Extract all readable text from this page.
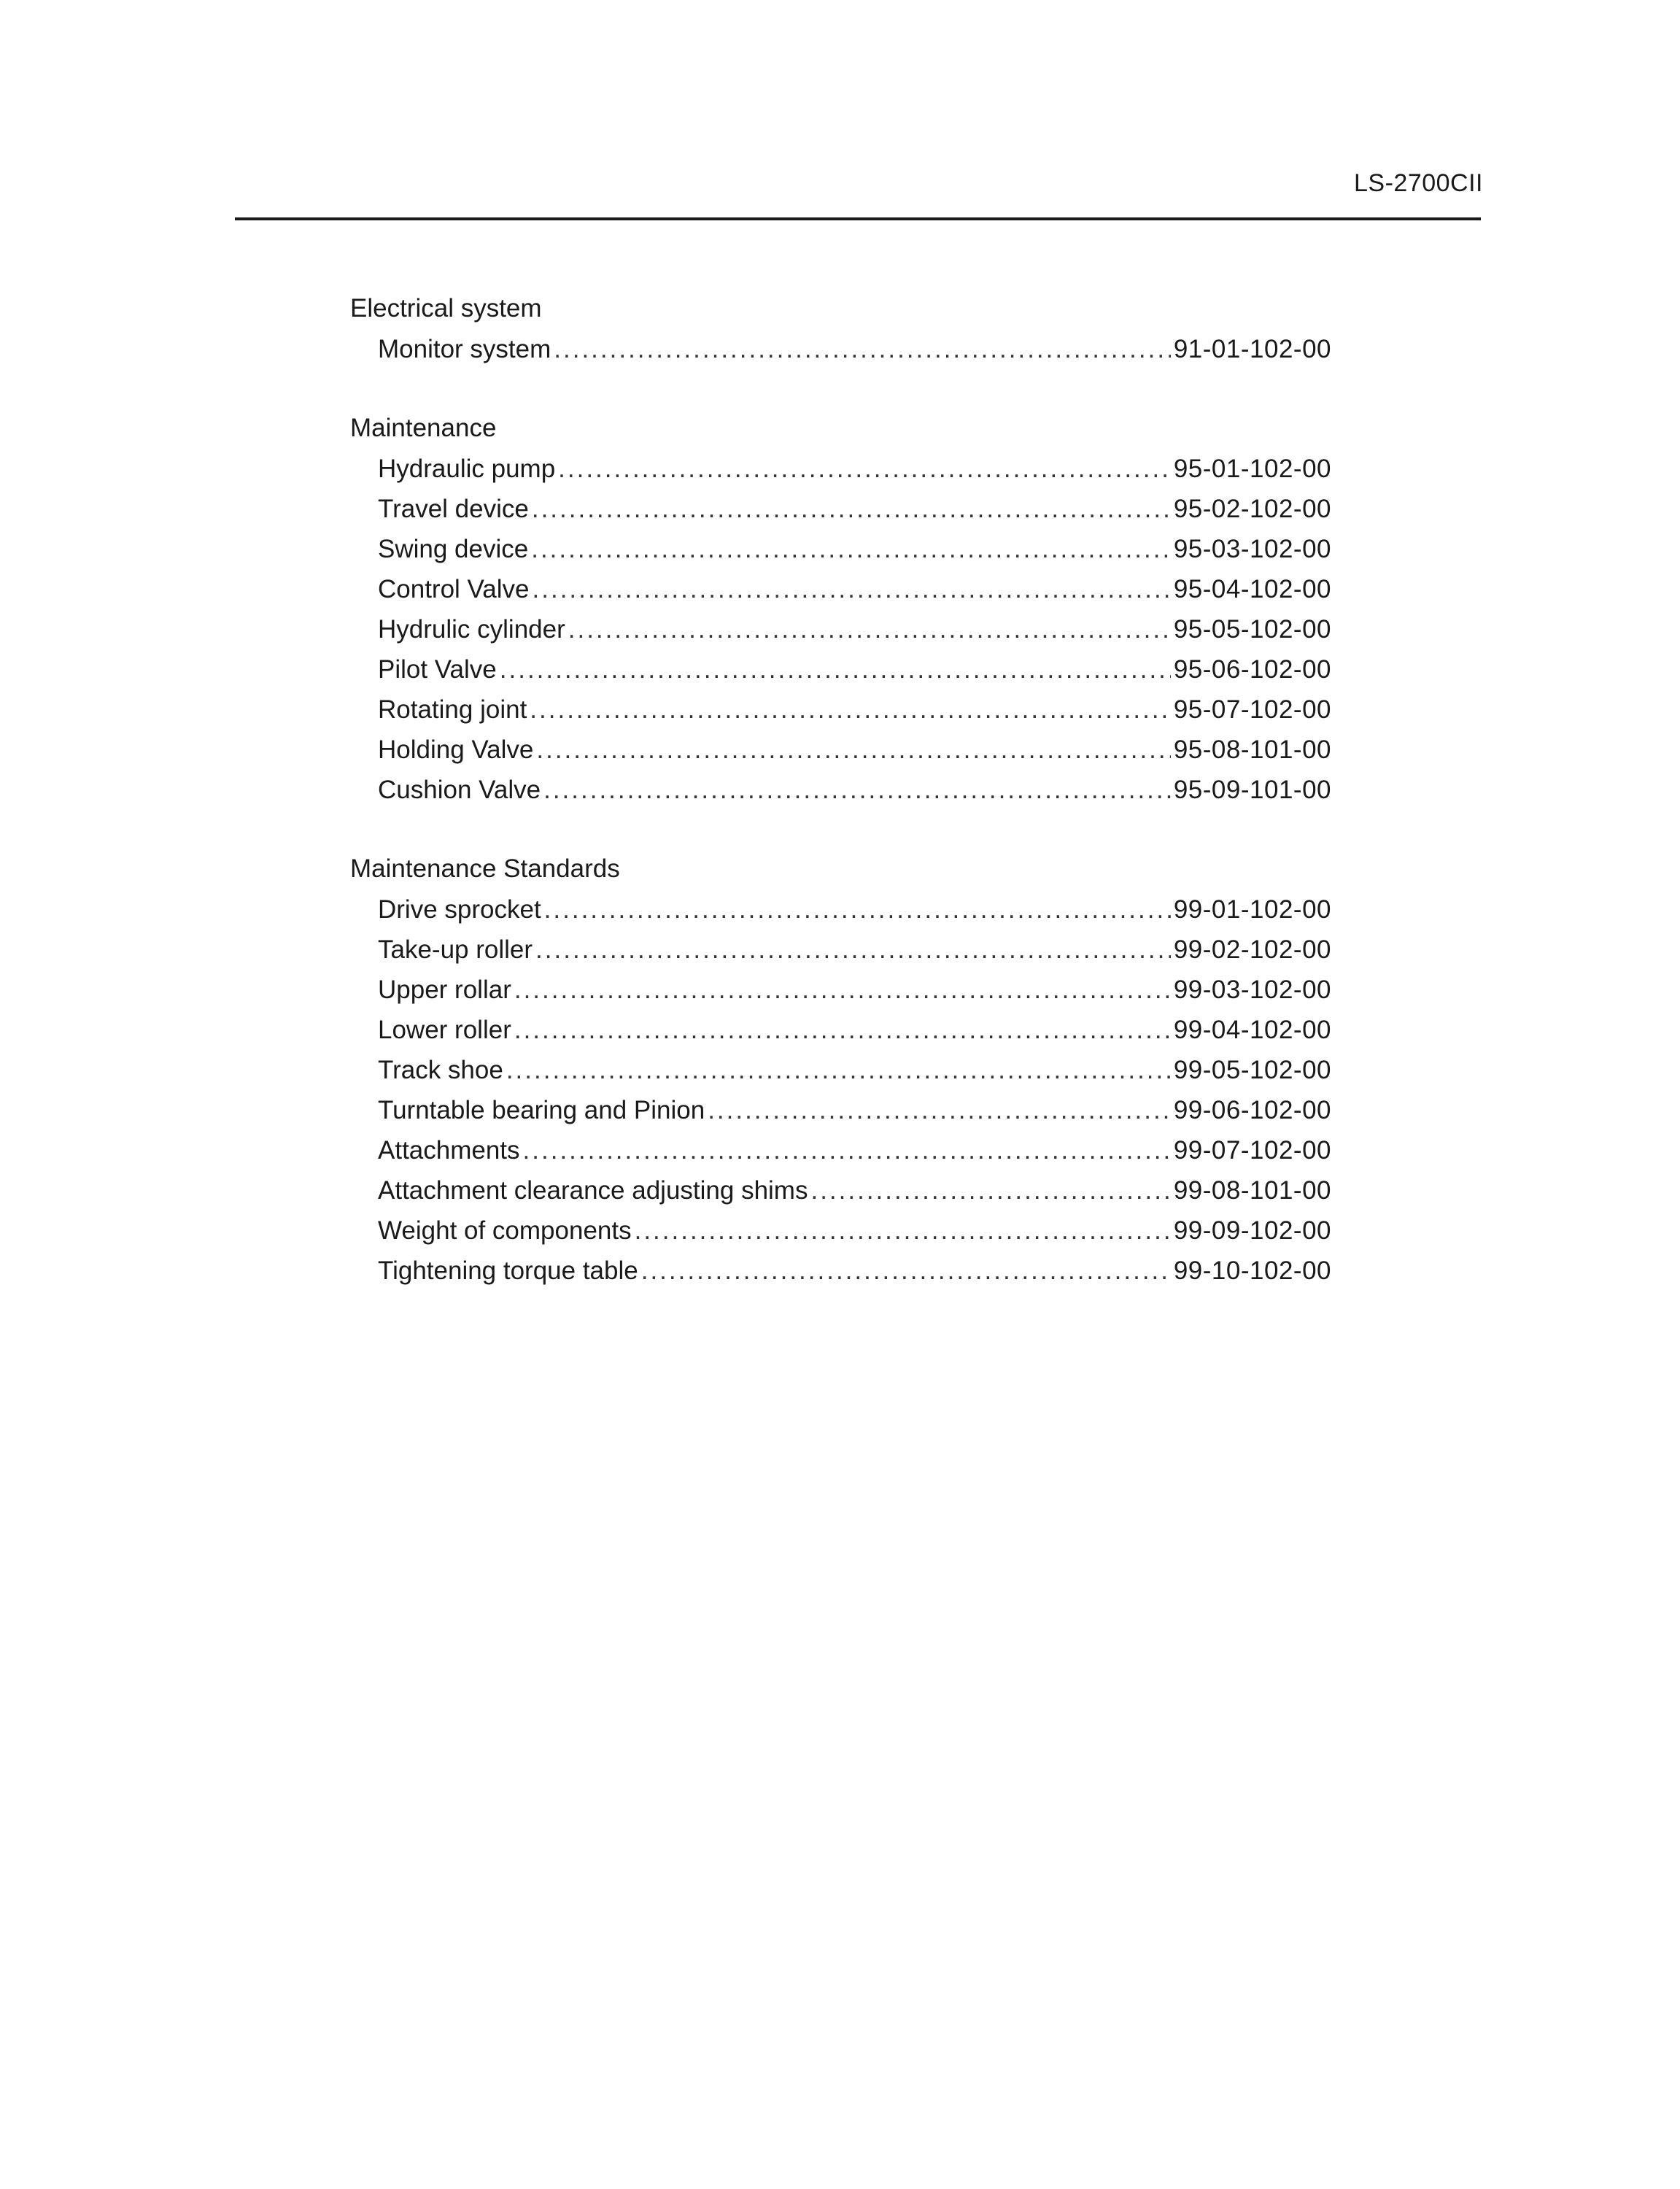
LS-2700CII
Electrical system
Monitor system .....	91-01-102-00
Maintenance
Hydraulic pump .....	95-01-102-00
Travel device .....	95-02-102-00
Swing device .....	95-03-102-00
Control Valve .....	95-04-102-00
Hydrulic cylinder .....	95-05-102-00
Pilot Valve .....	95-06-102-00
Rotating joint .....	95-07-102-00
Holding Valve .....	95-08-101-00
Cushion Valve .....	95-09-101-00
Maintenance Standards
Drive sprocket .....	99-01-102-00
Take-up roller .....	99-02-102-00
Upper rollar .....	99-03-102-00
Lower roller .....	99-04-102-00
Track shoe .....	99-05-102-00
Turntable bearing and Pinion .....	99-06-102-00
Attachments .....	99-07-102-00
Attachment clearance adjusting shims .....	99-08-101-00
Weight of components .....	99-09-102-00
Tightening torque table .....	99-10-102-00
